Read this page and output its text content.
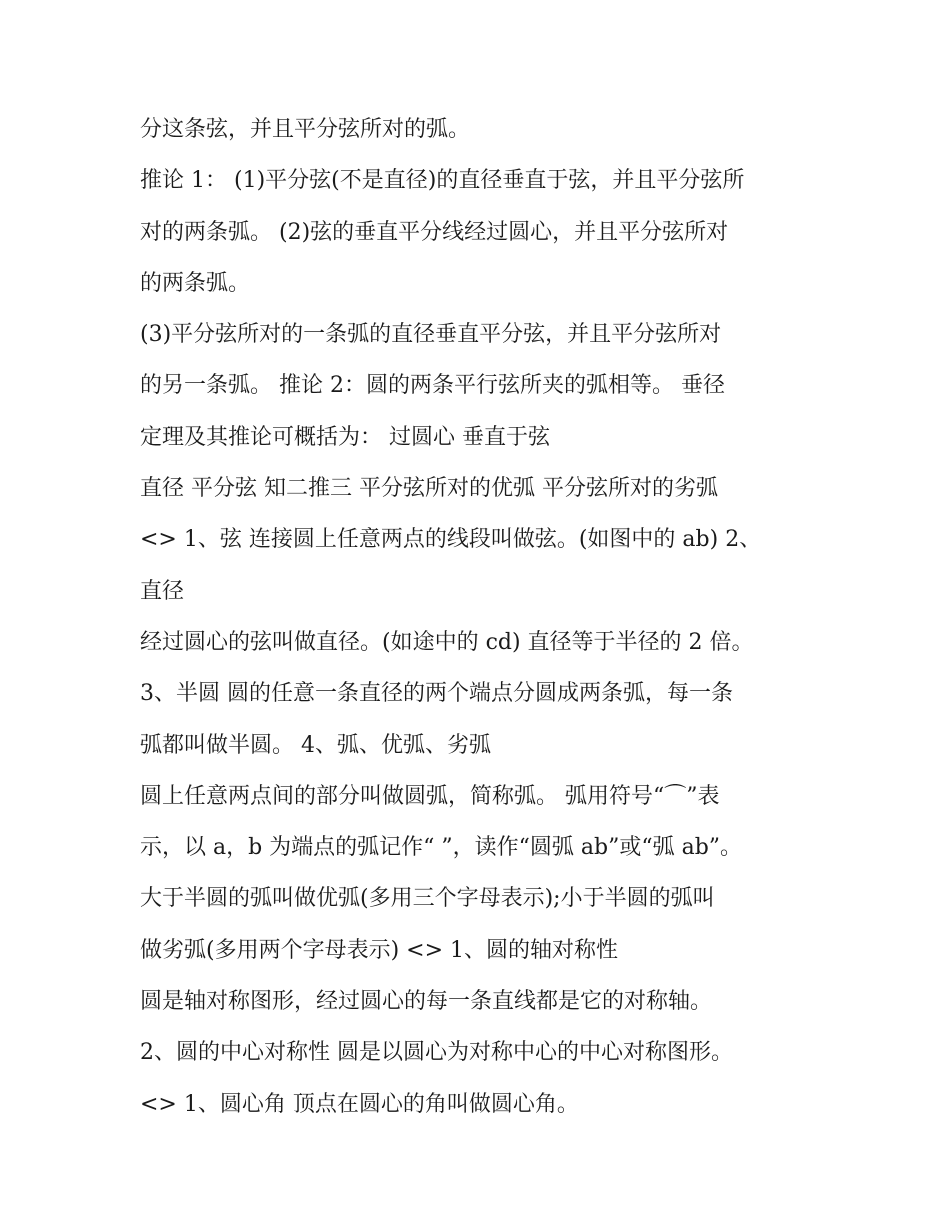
分这条弦，并且平分弦所对的弧。
推论 1： (1)平分弦(不是直径)的直径垂直于弦，并且平分弦所
对的两条弧。 (2)弦的垂直平分线经过圆心，并且平分弦所对
的两条弧。
(3)平分弦所对的一条弧的直径垂直平分弦，并且平分弦所对
的另一条弧。 推论 2：圆的两条平行弦所夹的弧相等。 垂径
定理及其推论可概括为： 过圆心 垂直于弦
直径 平分弦 知二推三 平分弦所对的优弧 平分弦所对的劣弧
<> 1、弦 连接圆上任意两点的线段叫做弦。(如图中的 ab) 2、
直径
经过圆心的弦叫做直径。(如途中的 cd) 直径等于半径的 2 倍。
3、半圆 圆的任意一条直径的两个端点分圆成两条弧，每一条
弧都叫做半圆。 4、弧、优弧、劣弧
圆上任意两点间的部分叫做圆弧，简称弧。 弧用符号“⌒”表
示，以 a，b 为端点的弧记作“ ”，读作“圆弧 ab”或“弧 ab”。
大于半圆的弧叫做优弧(多用三个字母表示);小于半圆的弧叫
做劣弧(多用两个字母表示) <> 1、圆的轴对称性
圆是轴对称图形，经过圆心的每一条直线都是它的对称轴。
2、圆的中心对称性 圆是以圆心为对称中心的中心对称图形。
<> 1、圆心角 顶点在圆心的角叫做圆心角。
